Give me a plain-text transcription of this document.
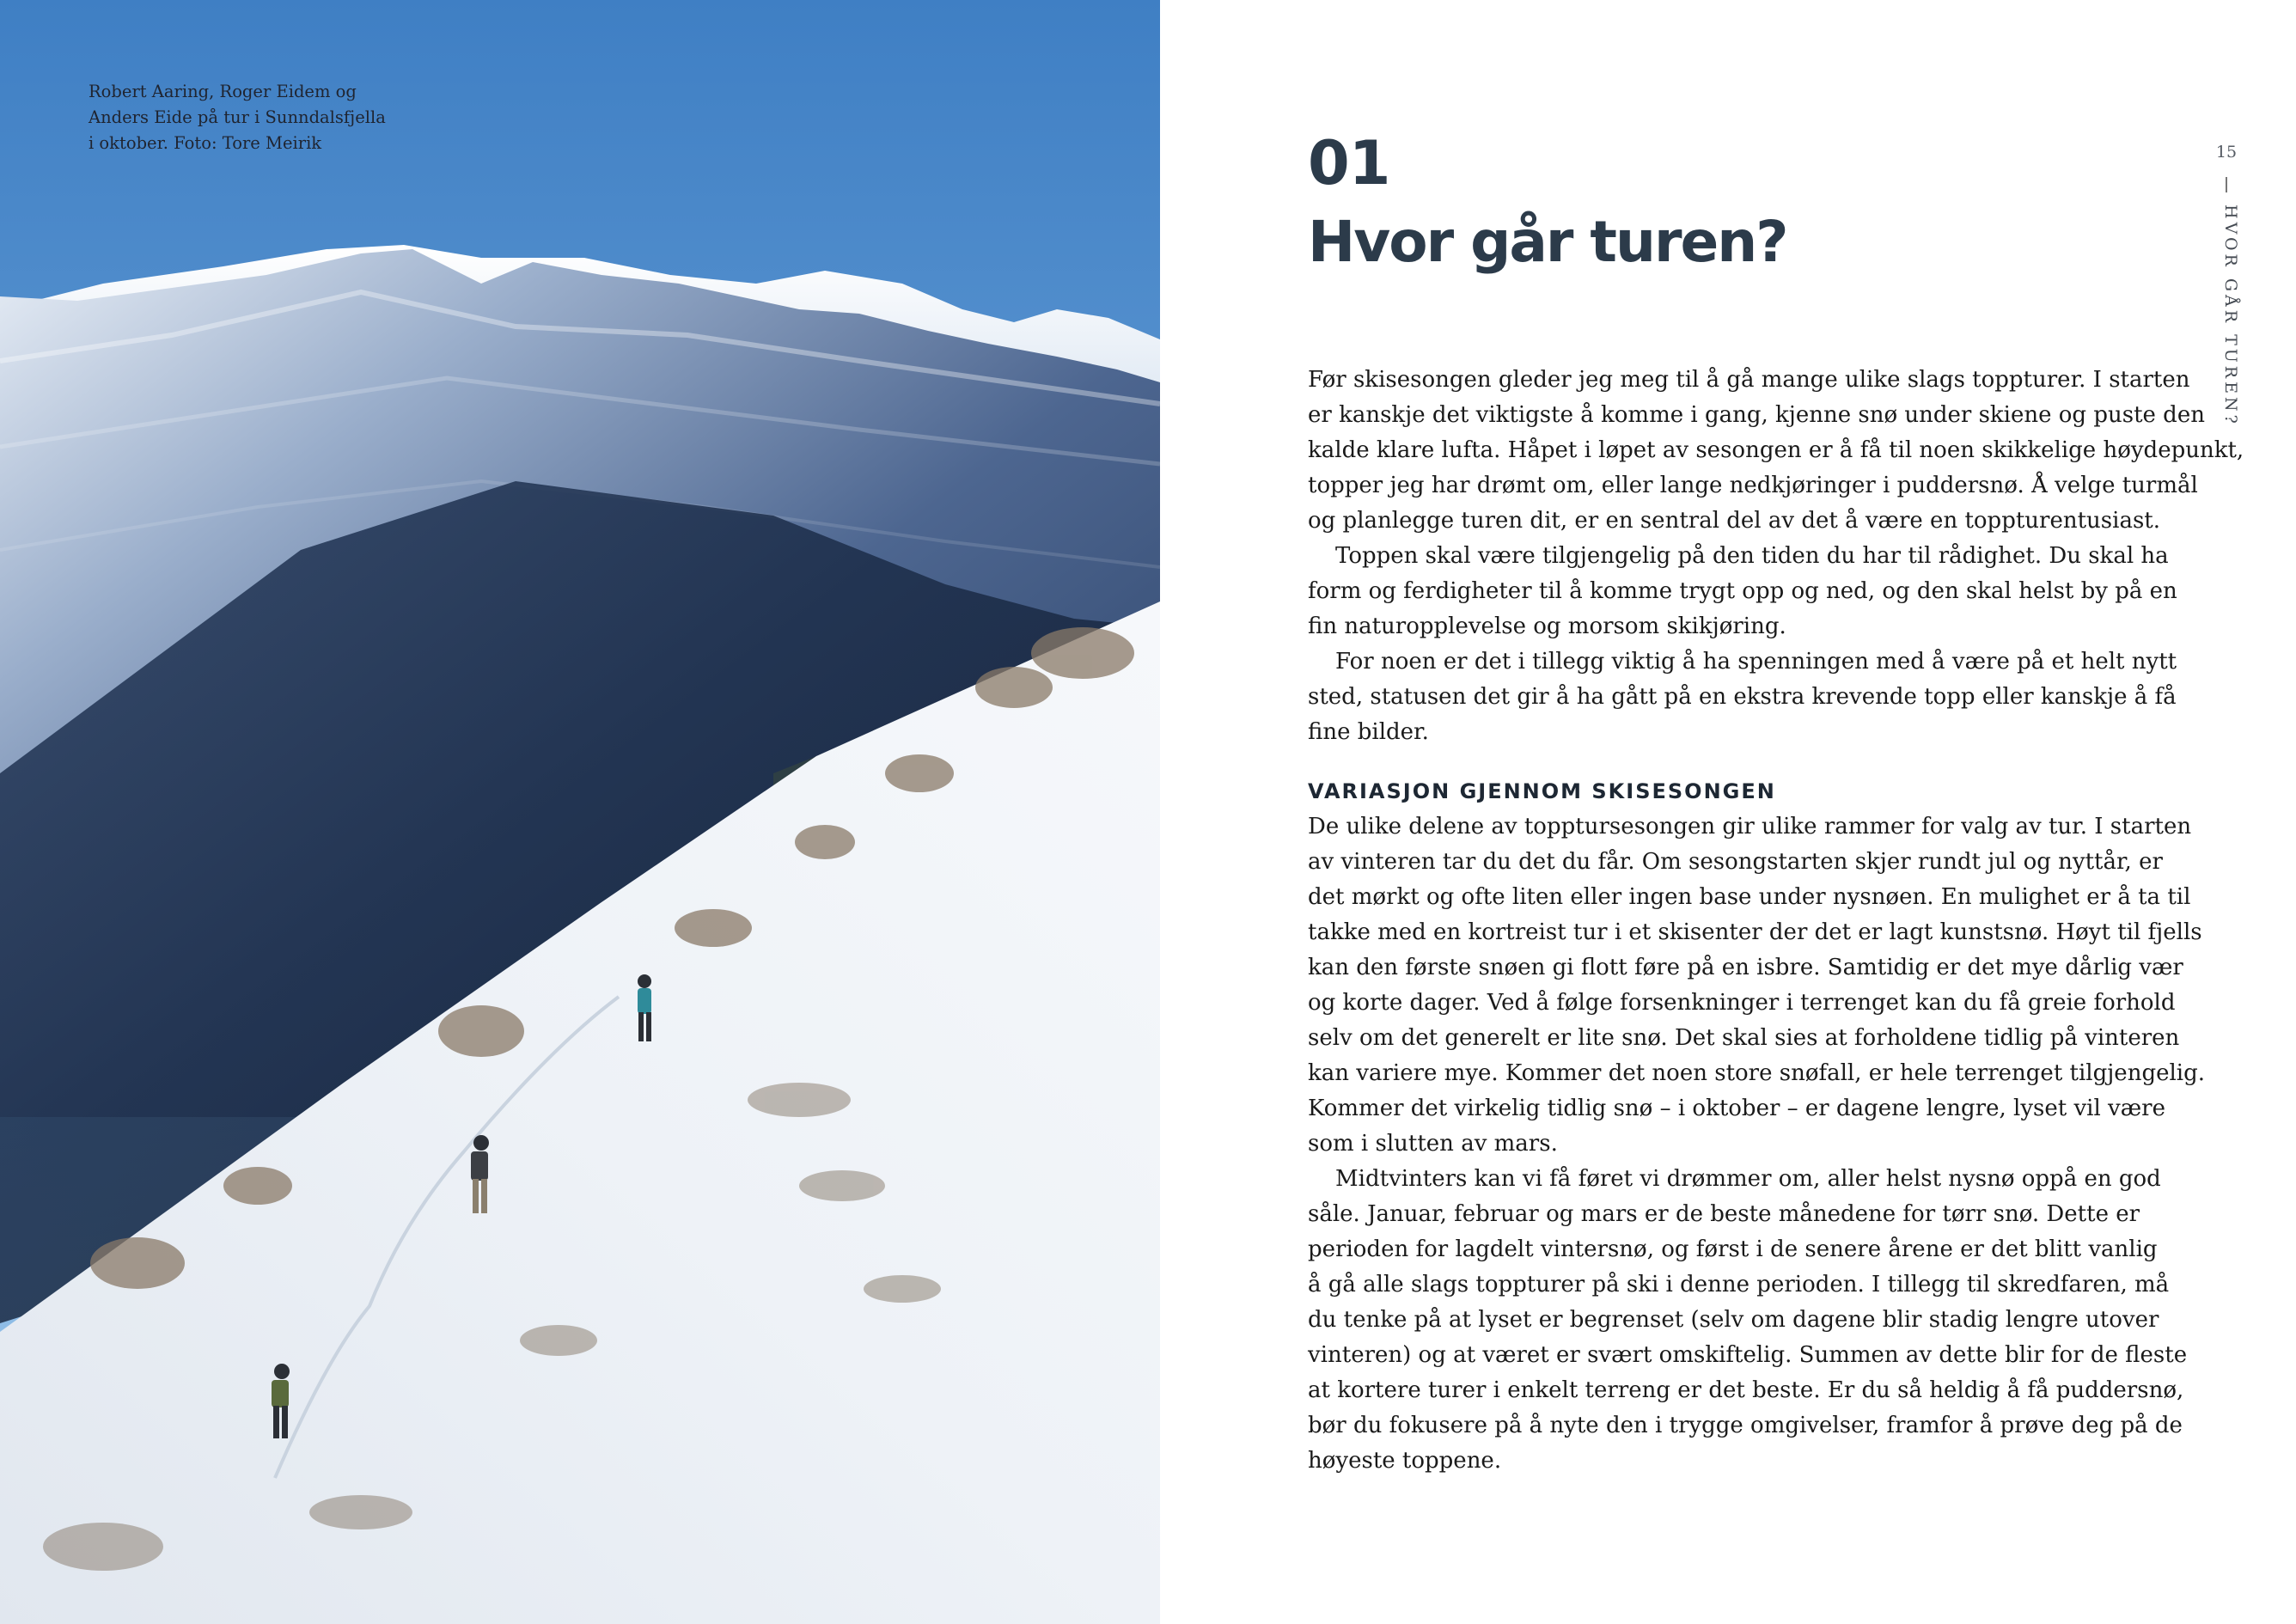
Robert Aaring, Roger Eidem og
Anders Eide på tur i Sunndalsfjella
i oktober. Foto: Tore Meirik	01
Hvor går turen?
Før skisesongen gleder jeg meg til å gå mange ulike slags toppturer. I starten
er kanskje det viktigste å komme i gang, kjenne snø under skiene og puste den
kalde klare lufta. Håpet i løpet av sesongen er å få til noen skikkelige høydepunkt,
topper jeg har drømt om, eller lange nedkjøringer i puddersnø. Å velge turmål
og planlegge turen dit, er en sentral del av det å være en toppturentusiast.
Toppen skal være tilgjengelig på den tiden du har til rådighet. Du skal ha
form og ferdigheter til å komme trygt opp og ned, og den skal helst by på en
fin naturopplevelse og morsom skikjøring.
For noen er det i tillegg viktig å ha spenningen med å være på et helt nytt
sted, statusen det gir å ha gått på en ekstra krevende topp eller kanskje å få
fine bilder.
VARIASJON GJENNOM SKISESONGEN
De ulike delene av topptursesongen gir ulike rammer for valg av tur. I starten
av vinteren tar du det du får. Om sesongstarten skjer rundt jul og nyttår, er
det mørkt og ofte liten eller ingen base under nysnøen. En mulighet er å ta til
takke med en kortreist tur i et skisenter der det er lagt kunstsnø. Høyt til fjells
kan den første snøen gi flott føre på en isbre. Samtidig er det mye dårlig vær
og korte dager. Ved å følge forsenkninger i terrenget kan du få greie forhold
selv om det generelt er lite snø. Det skal sies at forholdene tidlig på vinteren
kan variere mye. Kommer det noen store snøfall, er hele terrenget tilgjengelig.
Kommer det virkelig tidlig snø – i oktober – er dagene lengre, lyset vil være
som i slutten av mars.
Midtvinters kan vi få føret vi drømmer om, aller helst nysnø oppå en god
såle. Januar, februar og mars er de beste månedene for tørr snø. Dette er
perioden for lagdelt vintersnø, og først i de senere årene er det blitt vanlig
å gå alle slags toppturer på ski i denne perioden. I tillegg til skredfaren, må
du tenke på at lyset er begrenset (selv om dagene blir stadig lengre utover
vinteren) og at været er svært omskiftelig. Summen av dette blir for de fleste
at kortere turer i enkelt terreng er det beste. Er du så heldig å få puddersnø,
bør du fokusere på å nyte den i trygge omgivelser, framfor å prøve deg på de
høyeste toppene.
15
HVOR GÅR TUREN?
